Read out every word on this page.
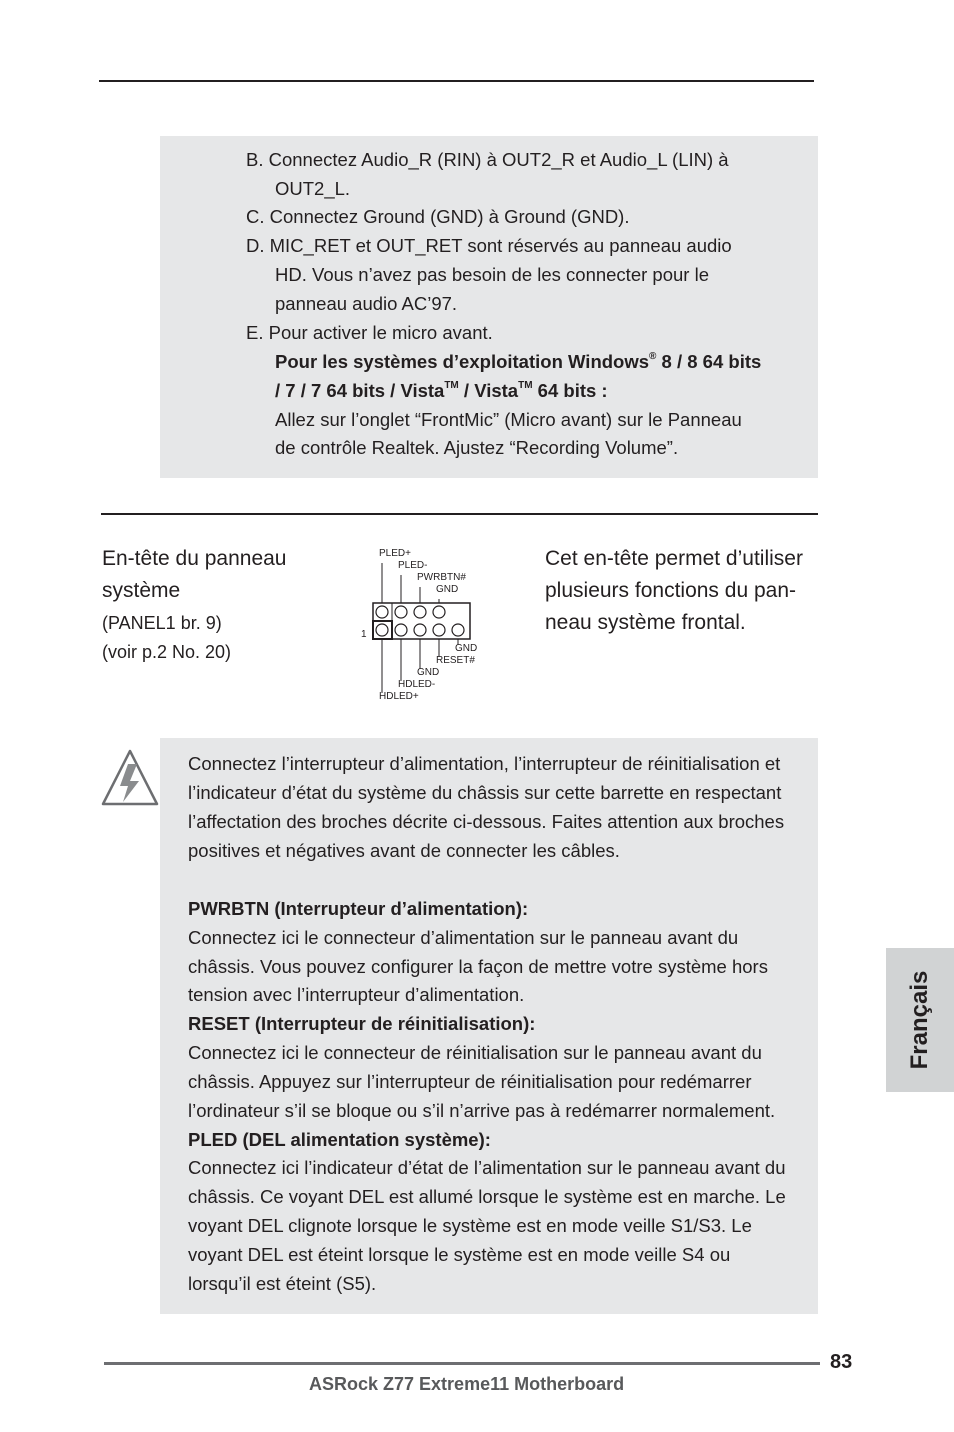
B. Connectez Audio_R (RIN) à OUT2_R et Audio_L (LIN) à
OUT2_L.
C. Connectez Ground (GND) à Ground (GND).
D. MIC_RET et OUT_RET sont réservés au panneau audio
HD. Vous n’avez pas besoin de les connecter pour le
panneau audio AC’97.
E. Pour activer le micro avant.
Pour les systèmes d’exploitation Windows® 8 / 8 64 bits
/ 7 / 7 64 bits / Vista™ / Vista™ 64 bits :
Allez sur l’onglet “FrontMic” (Micro avant) sur le Panneau
de contrôle Realtek. Ajustez “Recording Volume”.
En-tête du panneau
système
(PANEL1 br. 9)
(voir p.2 No. 20)
Cet en-tête permet d’utiliser
plusieurs fonctions du pan-
neau système frontal.
PLED+
PLED-
PWRBTN#
GND
1
GND
RESET#
GND
HDLED-
HDLED+
Connectez l’interrupteur d’alimentation, l’interrupteur de réinitialisation et
l’indicateur d’état du système du châssis sur cette barrette en respectant
l’affectation des broches décrite ci-dessous. Faites attention aux broches
positives et négatives avant de connecter les câbles.
PWRBTN (Interrupteur d’alimentation):
Connectez ici le connecteur d’alimentation sur le panneau avant du
châssis. Vous pouvez configurer la façon de mettre votre système hors
tension avec l’interrupteur d’alimentation.
RESET (Interrupteur de réinitialisation):
Connectez ici le connecteur de réinitialisation sur le panneau avant du
châssis. Appuyez sur l’interrupteur de réinitialisation pour redémarrer
l’ordinateur s’il se bloque ou s’il n’arrive pas à redémarrer normalement.
PLED (DEL alimentation système):
Connectez ici l’indicateur d’état de l’alimentation sur le panneau avant du
châssis. Ce voyant DEL est allumé lorsque le système est en marche. Le
voyant DEL clignote lorsque le système est en mode veille S1/S3. Le
voyant DEL est éteint lorsque le système est en mode veille S4 ou
lorsqu’il est éteint (S5).
Français
83
ASRock Z77 Extreme11 Motherboard
